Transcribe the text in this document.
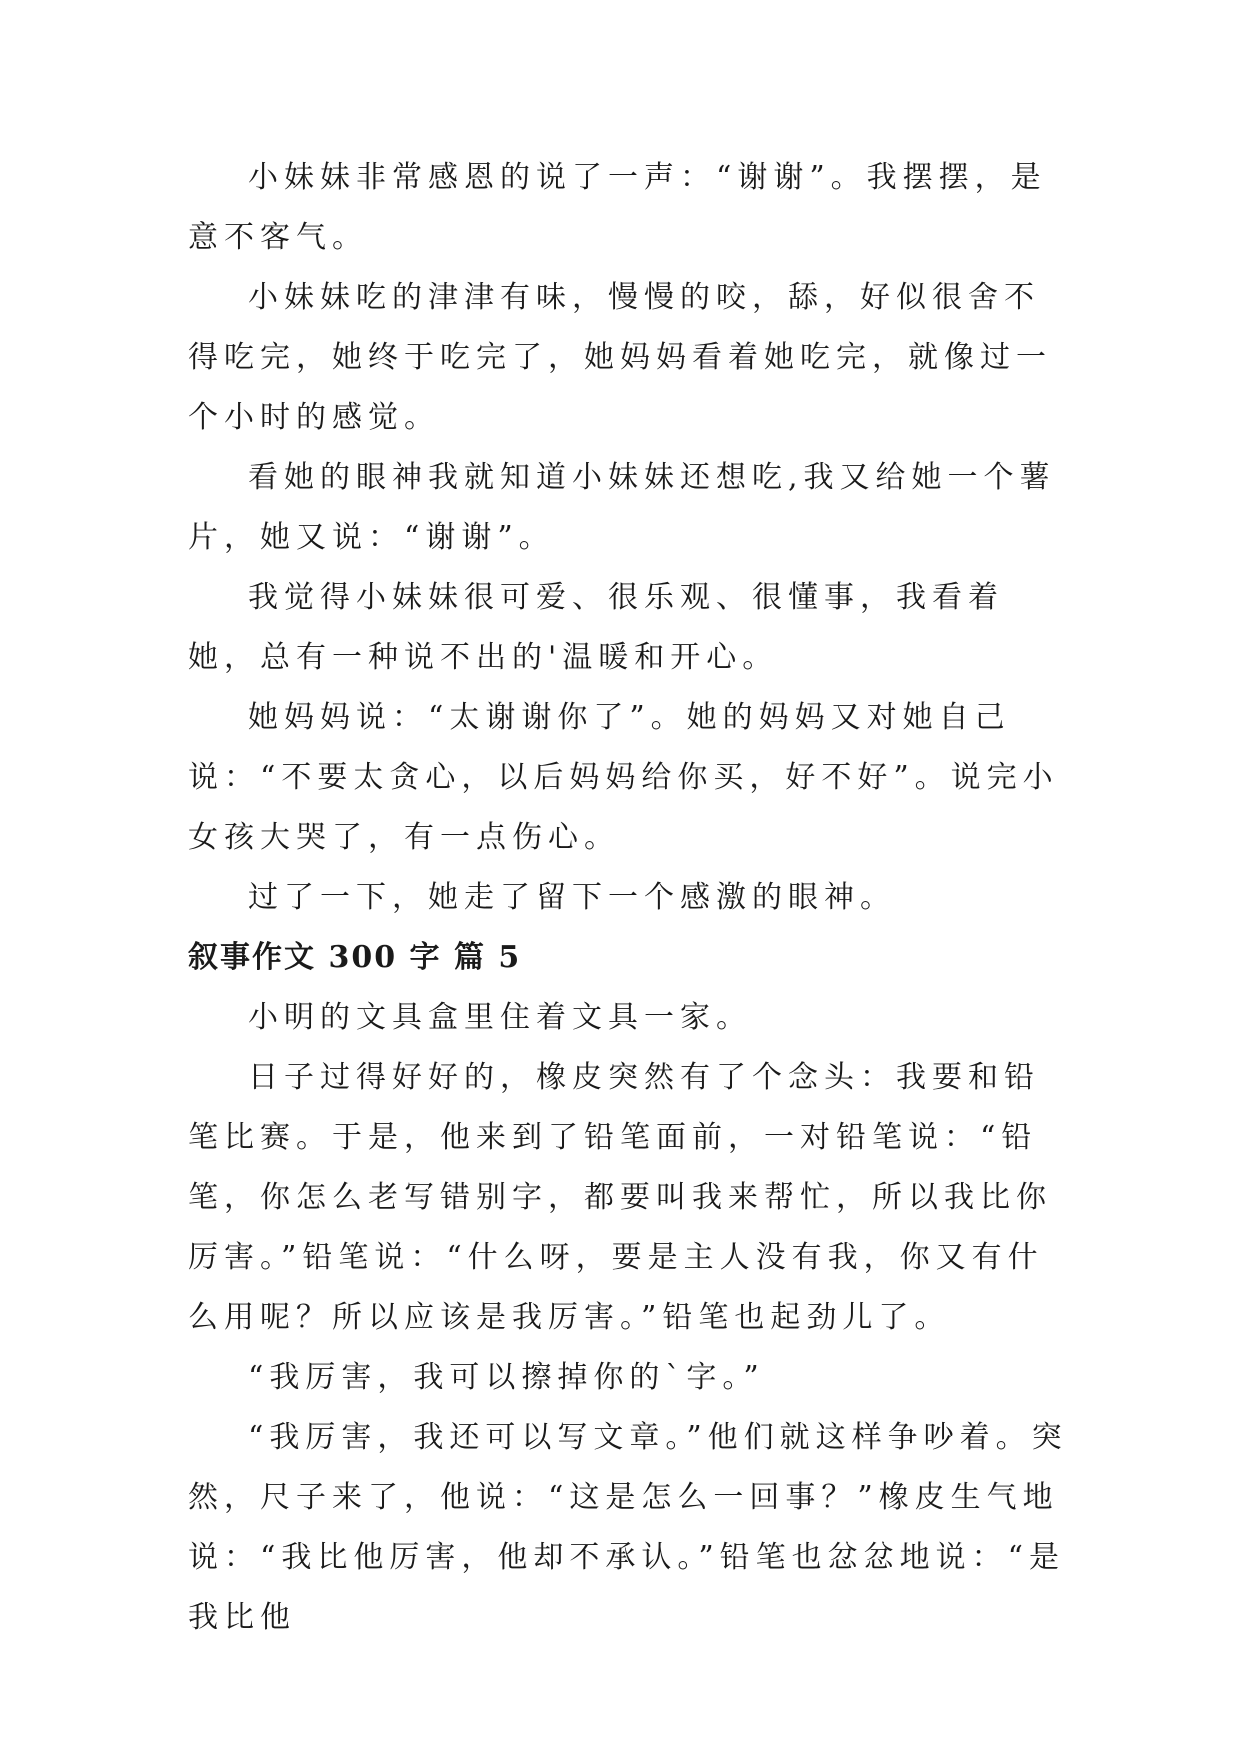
小妹妹非常感恩的说了一声：“谢谢”。我摆摆，是意不客气。

小妹妹吃的津津有味，慢慢的咬，舔，好似很舍不得吃完，她终于吃完了，她妈妈看着她吃完，就像过一个小时的感觉。

看她的眼神我就知道小妹妹还想吃,我又给她一个薯片，她又说：“谢谢”。

我觉得小妹妹很可爱、很乐观、很懂事，我看着她，总有一种说不出的'温暖和开心。

她妈妈说：“太谢谢你了”。她的妈妈又对她自己说：“不要太贪心，以后妈妈给你买，好不好”。说完小女孩大哭了，有一点伤心。

过了一下，她走了留下一个感激的眼神。

叙事作文 300 字 篇 5

小明的文具盒里住着文具一家。

日子过得好好的，橡皮突然有了个念头：我要和铅笔比赛。于是，他来到了铅笔面前，一对铅笔说：“铅笔，你怎么老写错别字，都要叫我来帮忙，所以我比你厉害。”铅笔说：“什么呀，要是主人没有我，你又有什么用呢？所以应该是我厉害。”铅笔也起劲儿了。

“我厉害，我可以擦掉你的`字。”

“我厉害，我还可以写文章。”他们就这样争吵着。突然，尺子来了，他说：“这是怎么一回事？”橡皮生气地说：“我比他厉害，他却不承认。”铅笔也忿忿地说：“是我比他
